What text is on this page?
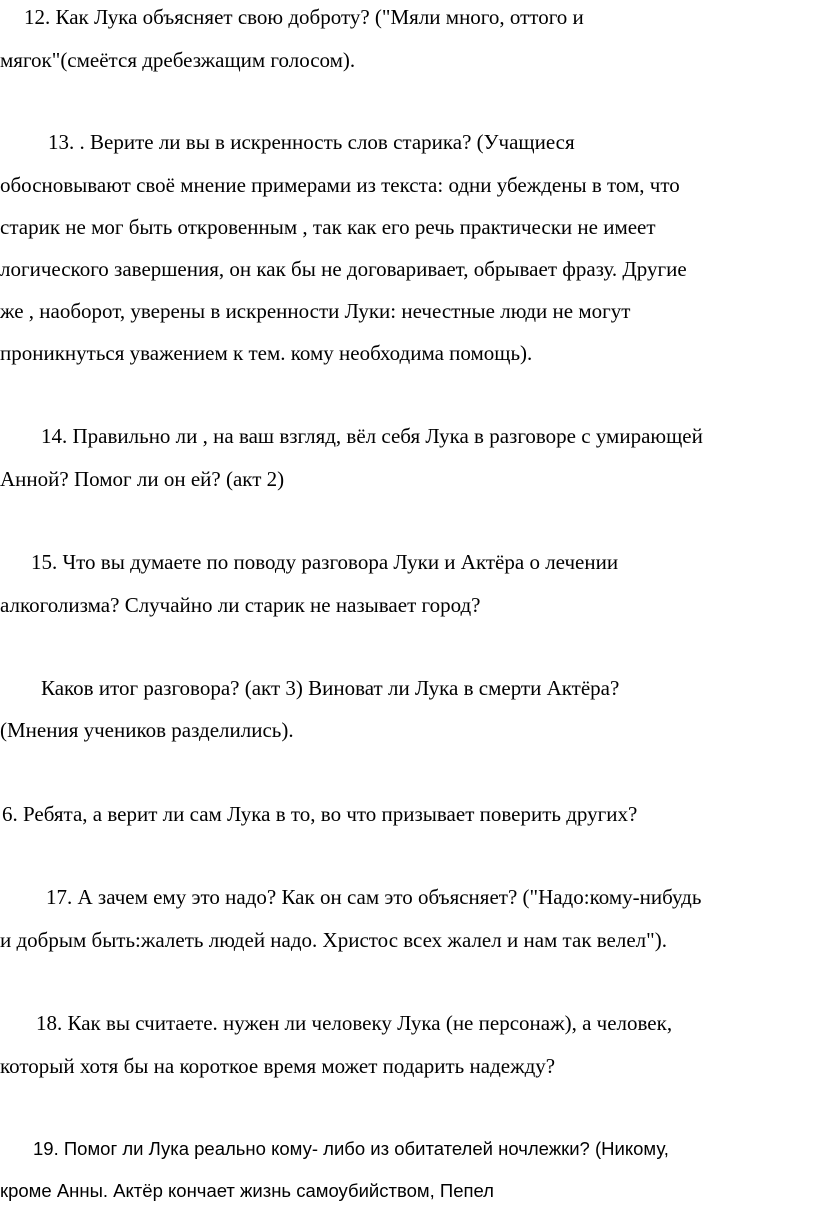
12. Как Лука объясняет свою доброту? ("Мяли много, оттого и
мягок"(смеётся дребезжащим голосом).
13. . Верите ли вы в искренность слов старика? (Учащиеся
обосновывают своё мнение примерами из текста: одни убеждены в том, что
старик не мог быть откровенным , так как его речь практически не имеет
логического завершения, он как бы не договаривает, обрывает фразу. Другие
же , наоборот, уверены в искренности Луки: нечестные люди не могут
проникнуться уважением к тем. кому необходима помощь).
14. Правильно ли , на ваш взгляд, вёл себя Лука в разговоре с умирающей
Анной? Помог ли он ей? (акт 2)
15. Что вы думаете по поводу разговора Луки и Актёра о лечении
алкоголизма? Случайно ли старик не называет город?
Каков итог разговора? (акт 3) Виноват ли Лука в смерти Актёра?
(Мнения учеников разделились).
6. Ребята, а верит ли сам Лука в то, во что призывает поверить других?
17. А зачем ему это надо? Как он сам это объясняет? ("Надо:кому-нибудь
и добрым быть:жалеть людей надо. Христос всех жалел и нам так велел").
18. Как вы считаете. нужен ли человеку Лука (не персонаж), а человек,
который хотя бы на короткое время может подарить надежду?
19. Помог ли Лука реально кому- либо из обитателей ночлежки? (Никому,
кроме Анны. Актёр кончает жизнь самоубийством, Пепел
